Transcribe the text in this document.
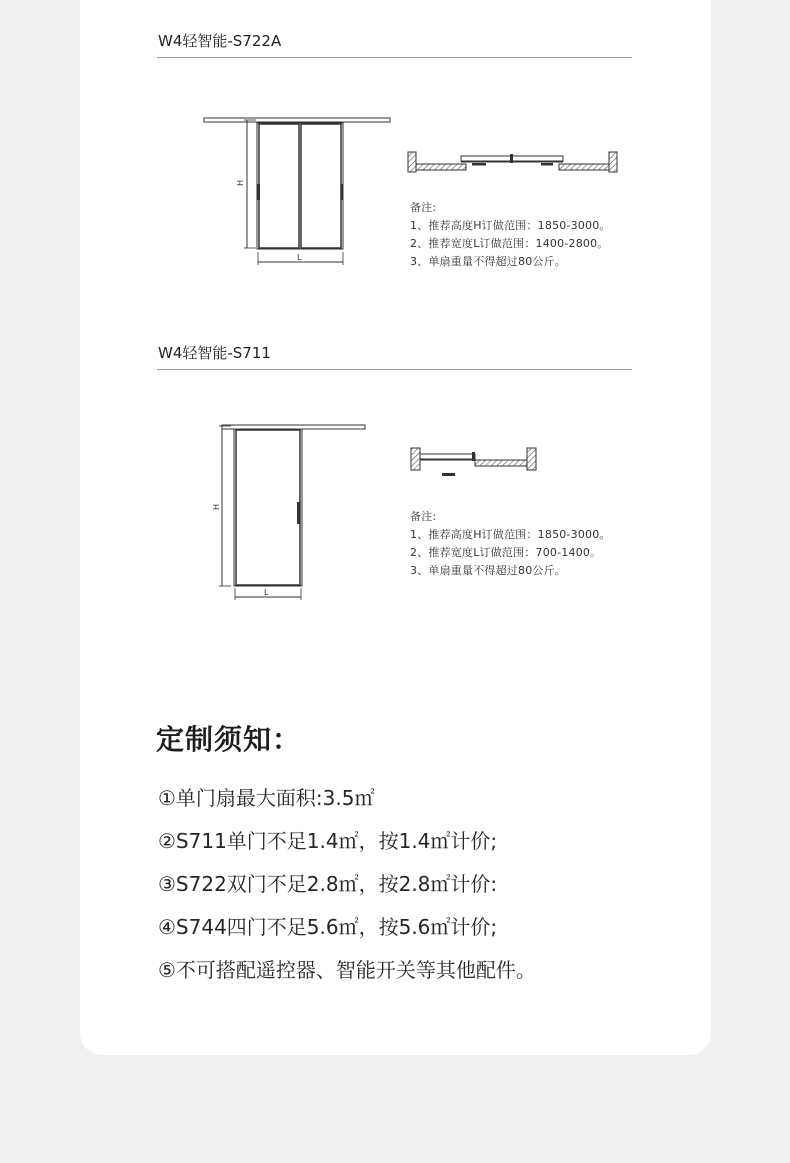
W4轻智能-S722A
H
L
备注:
1、推荐高度H订做范围：1850-3000。
2、推荐宽度L订做范围：1400-2800。
3、单扇重量不得超过80公斤。
W4轻智能-S711
H
L
备注:
1、推荐高度H订做范围：1850-3000。
2、推荐宽度L订做范围：700-1400。
3、单扇重量不得超过80公斤。
定制须知：
①单门扇最大面积:3.5㎡
②S711单门不足1.4㎡，按1.4㎡计价;
③S722双门不足2.8㎡，按2.8㎡计价:
④S744四门不足5.6㎡，按5.6㎡计价;
⑤不可搭配遥控器、智能开关等其他配件。
